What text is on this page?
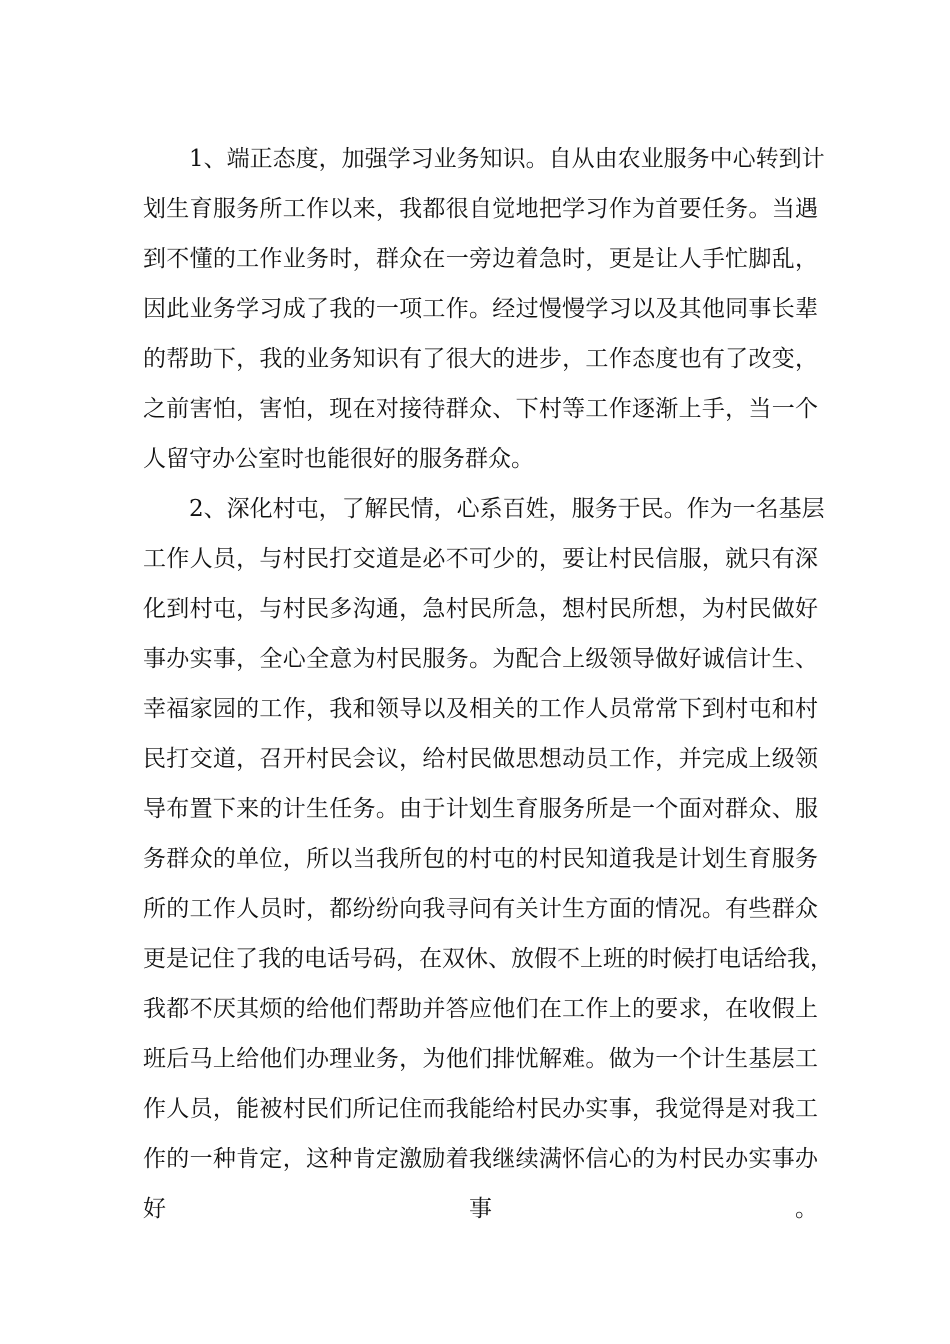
1、端正态度，加强学习业务知识。自从由农业服务中心转到计
划生育服务所工作以来，我都很自觉地把学习作为首要任务。当遇
到不懂的工作业务时，群众在一旁边着急时，更是让人手忙脚乱，
因此业务学习成了我的一项工作。经过慢慢学习以及其他同事长辈
的帮助下，我的业务知识有了很大的进步，工作态度也有了改变，
之前害怕，害怕，现在对接待群众、下村等工作逐渐上手，当一个
人留守办公室时也能很好的服务群众。
2、深化村屯，了解民情，心系百姓，服务于民。作为一名基层
工作人员，与村民打交道是必不可少的，要让村民信服，就只有深
化到村屯，与村民多沟通，急村民所急，想村民所想，为村民做好
事办实事，全心全意为村民服务。为配合上级领导做好诚信计生、
幸福家园的工作，我和领导以及相关的工作人员常常下到村屯和村
民打交道，召开村民会议，给村民做思想动员工作，并完成上级领
导布置下来的计生任务。由于计划生育服务所是一个面对群众、服
务群众的单位，所以当我所包的村屯的村民知道我是计划生育服务
所的工作人员时，都纷纷向我寻问有关计生方面的情况。有些群众
更是记住了我的电话号码，在双休、放假不上班的时候打电话给我，
我都不厌其烦的给他们帮助并答应他们在工作上的要求，在收假上
班后马上给他们办理业务，为他们排忧解难。做为一个计生基层工
作人员，能被村民们所记住而我能给村民办实事，我觉得是对我工
作的一种肯定，这种肯定激励着我继续满怀信心的为村民办实事办
好事。
